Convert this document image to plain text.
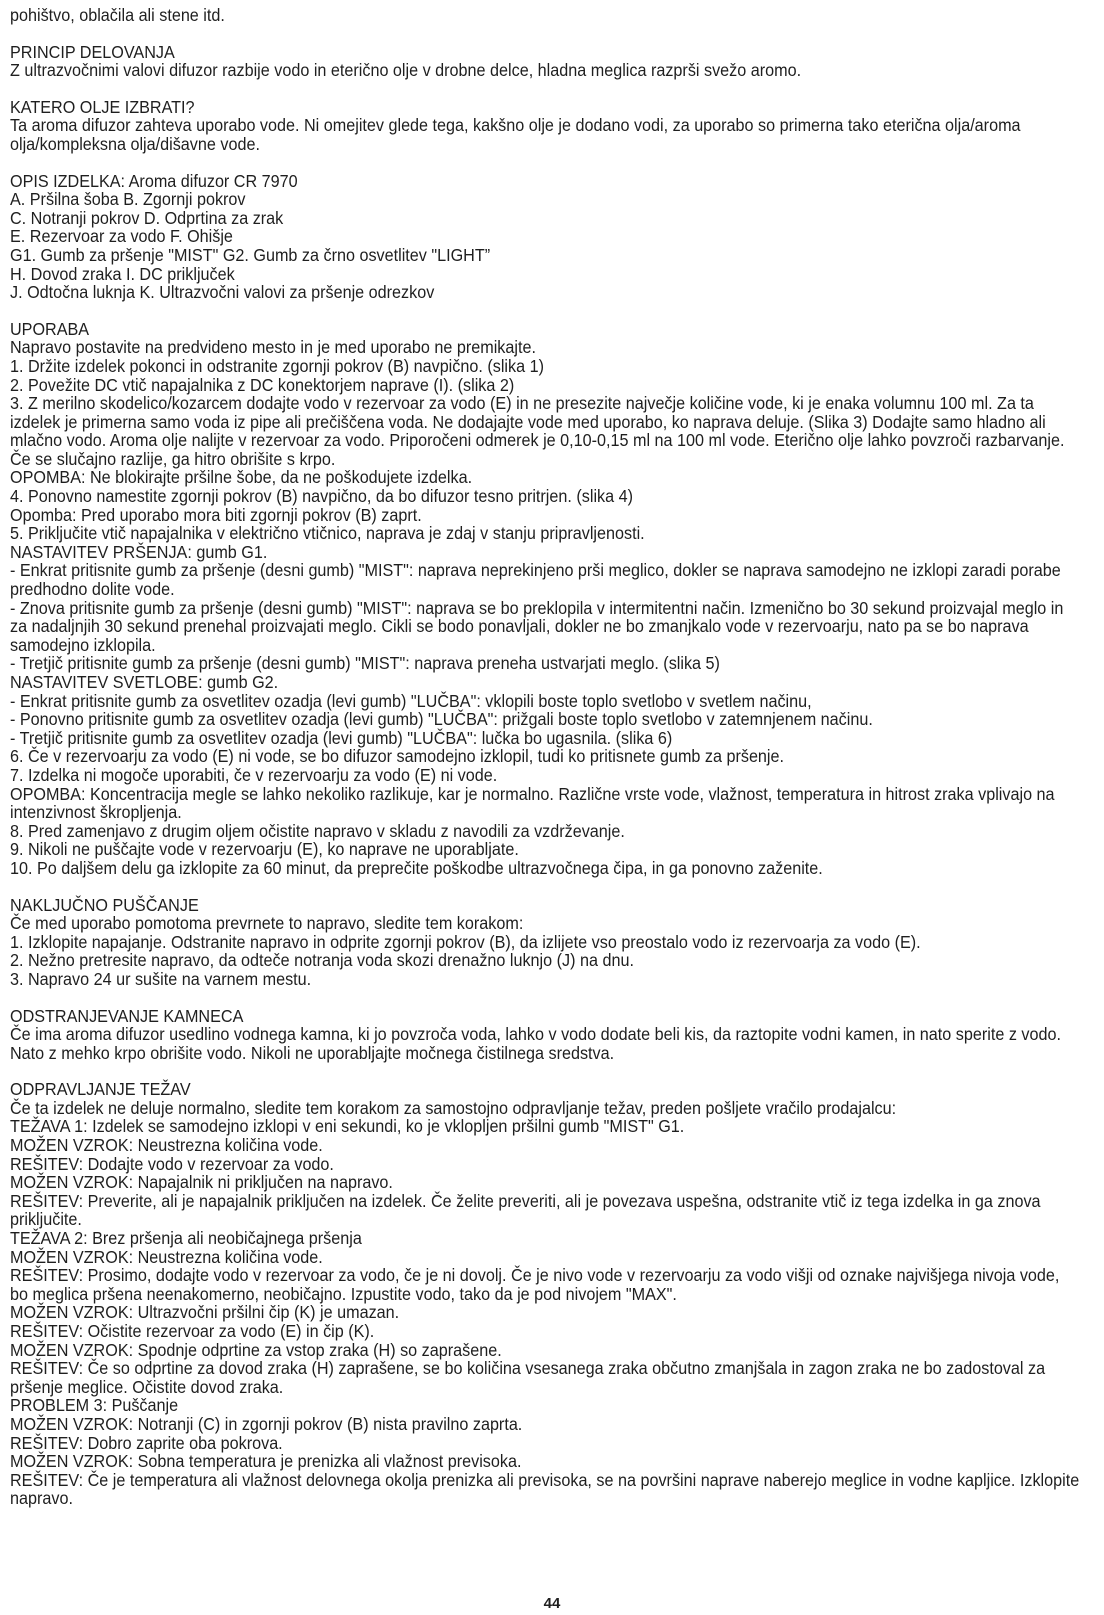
pohištvo, oblačila ali stene itd.
PRINCIP DELOVANJA
Z ultrazvočnimi valovi difuzor razbije vodo in eterično olje v drobne delce, hladna meglica razprši svežo aromo.
KATERO OLJE IZBRATI?
Ta aroma difuzor zahteva uporabo vode. Ni omejitev glede tega, kakšno olje je dodano vodi, za uporabo so primerna tako eterična olja/aroma olja/kompleksna olja/dišavne vode.
OPIS IZDELKA: Aroma difuzor CR 7970
A. Pršilna šoba B. Zgornji pokrov
C. Notranji pokrov D. Odprtina za zrak
E. Rezervoar za vodo F. Ohišje
G1. Gumb za pršenje "MIST" G2. Gumb za črno osvetlitev "LIGHT”
H. Dovod zraka I. DC priključek
J. Odtočna luknja K. Ultrazvočni valovi za pršenje odrezkov
UPORABA
Napravo postavite na predvideno mesto in je med uporabo ne premikajte.
1. Držite izdelek pokonci in odstranite zgornji pokrov (B) navpično. (slika 1)
2. Povežite DC vtič napajalnika z DC konektorjem naprave (I). (slika 2)
3. Z merilno skodelico/kozarcem dodajte vodo v rezervoar za vodo (E) in ne presezite največje količine vode, ki je enaka volumnu 100 ml. Za ta izdelek je primerna samo voda iz pipe ali prečiščena voda. Ne dodajajte vode med uporabo, ko naprava deluje. (Slika 3) Dodajte samo hladno ali mlačno vodo. Aroma olje nalijte v rezervoar za vodo. Priporočeni odmerek je 0,10-0,15 ml na 100 ml vode. Eterično olje lahko povzroči razbarvanje. Če se slučajno razlije, ga hitro obrišite s krpo.
OPOMBA: Ne blokirajte pršilne šobe, da ne poškodujete izdelka.
4. Ponovno namestite zgornji pokrov (B) navpično, da bo difuzor tesno pritrjen. (slika 4)
Opomba: Pred uporabo mora biti zgornji pokrov (B) zaprt.
5. Priključite vtič napajalnika v električno vtičnico, naprava je zdaj v stanju pripravljenosti.
NASTAVITEV PRŠENJA: gumb G1.
- Enkrat pritisnite gumb za pršenje (desni gumb) "MIST": naprava neprekinjeno prši meglico, dokler se naprava samodejno ne izklopi zaradi porabe predhodno dolite vode.
- Znova pritisnite gumb za pršenje (desni gumb) "MIST": naprava se bo preklopila v intermitentni način. Izmenično bo 30 sekund proizvajal meglo in za nadaljnjih 30 sekund prenehal proizvajati meglo. Cikli se bodo ponavljali, dokler ne bo zmanjkalo vode v rezervoarju, nato pa se bo naprava samodejno izklopila.
- Tretjič pritisnite gumb za pršenje (desni gumb) "MIST": naprava preneha ustvarjati meglo. (slika 5)
NASTAVITEV SVETLOBE: gumb G2.
- Enkrat pritisnite gumb za osvetlitev ozadja (levi gumb) "LUČBA": vklopili boste toplo svetlobo v svetlem načinu,
- Ponovno pritisnite gumb za osvetlitev ozadja (levi gumb) "LUČBA": prižgali boste toplo svetlobo v zatemnjenem načinu.
- Tretjič pritisnite gumb za osvetlitev ozadja (levi gumb) "LUČBA": lučka bo ugasnila. (slika 6)
6. Če v rezervoarju za vodo (E) ni vode, se bo difuzor samodejno izklopil, tudi ko pritisnete gumb za pršenje.
7. Izdelka ni mogoče uporabiti, če v rezervoarju za vodo (E) ni vode.
OPOMBA: Koncentracija megle se lahko nekoliko razlikuje, kar je normalno. Različne vrste vode, vlažnost, temperatura in hitrost zraka vplivajo na intenzivnost škropljenja.
8. Pred zamenjavo z drugim oljem očistite napravo v skladu z navodili za vzdrževanje.
9. Nikoli ne puščajte vode v rezervoarju (E), ko naprave ne uporabljate.
10. Po daljšem delu ga izklopite za 60 minut, da preprečite poškodbe ultrazvočnega čipa, in ga ponovno zaženite.
NAKLJUČNO PUŠČANJE
Če med uporabo pomotoma prevrnete to napravo, sledite tem korakom:
1. Izklopite napajanje. Odstranite napravo in odprite zgornji pokrov (B), da izlijete vso preostalo vodo iz rezervoarja za vodo (E).
2. Nežno pretresite napravo, da odteče notranja voda skozi drenažno luknjo (J) na dnu.
3. Napravo 24 ur sušite na varnem mestu.
ODSTRANJEVANJE KAMNECA
Če ima aroma difuzor usedlino vodnega kamna, ki jo povzroča voda, lahko v vodo dodate beli kis, da raztopite vodni kamen, in nato sperite z vodo. Nato z mehko krpo obrišite vodo. Nikoli ne uporabljajte močnega čistilnega sredstva.
ODPRAVLJANJE TEŽAV
Če ta izdelek ne deluje normalno, sledite tem korakom za samostojno odpravljanje težav, preden pošljete vračilo prodajalcu:
TEŽAVA 1: Izdelek se samodejno izklopi v eni sekundi, ko je vklopljen pršilni gumb "MIST" G1.
MOŽEN VZROK: Neustrezna količina vode.
REŠITEV: Dodajte vodo v rezervoar za vodo.
MOŽEN VZROK: Napajalnik ni priključen na napravo.
REŠITEV: Preverite, ali je napajalnik priključen na izdelek. Če želite preveriti, ali je povezava uspešna, odstranite vtič iz tega izdelka in ga znova priključite.
TEŽAVA 2: Brez pršenja ali neobičajnega pršenja
MOŽEN VZROK: Neustrezna količina vode.
REŠITEV: Prosimo, dodajte vodo v rezervoar za vodo, če je ni dovolj. Če je nivo vode v rezervoarju za vodo višji od oznake najvišjega nivoja vode, bo meglica pršena neenakomerno, neobičajno. Izpustite vodo, tako da je pod nivojem "MAX".
MOŽEN VZROK: Ultrazvočni pršilni čip (K) je umazan.
REŠITEV: Očistite rezervoar za vodo (E) in čip (K).
MOŽEN VZROK: Spodnje odprtine za vstop zraka (H) so zaprašene.
REŠITEV: Če so odprtine za dovod zraka (H) zaprašene, se bo količina vsesanega zraka občutno zmanjšala in zagon zraka ne bo zadostoval za pršenje meglice. Očistite dovod zraka.
PROBLEM 3: Puščanje
MOŽEN VZROK: Notranji (C) in zgornji pokrov (B) nista pravilno zaprta.
REŠITEV: Dobro zaprite oba pokrova.
MOŽEN VZROK: Sobna temperatura je prenizka ali vlažnost previsoka.
REŠITEV: Če je temperatura ali vlažnost delovnega okolja prenizka ali previsoka, se na površini naprave naberejo meglice in vodne kapljice. Izklopite napravo.
44
